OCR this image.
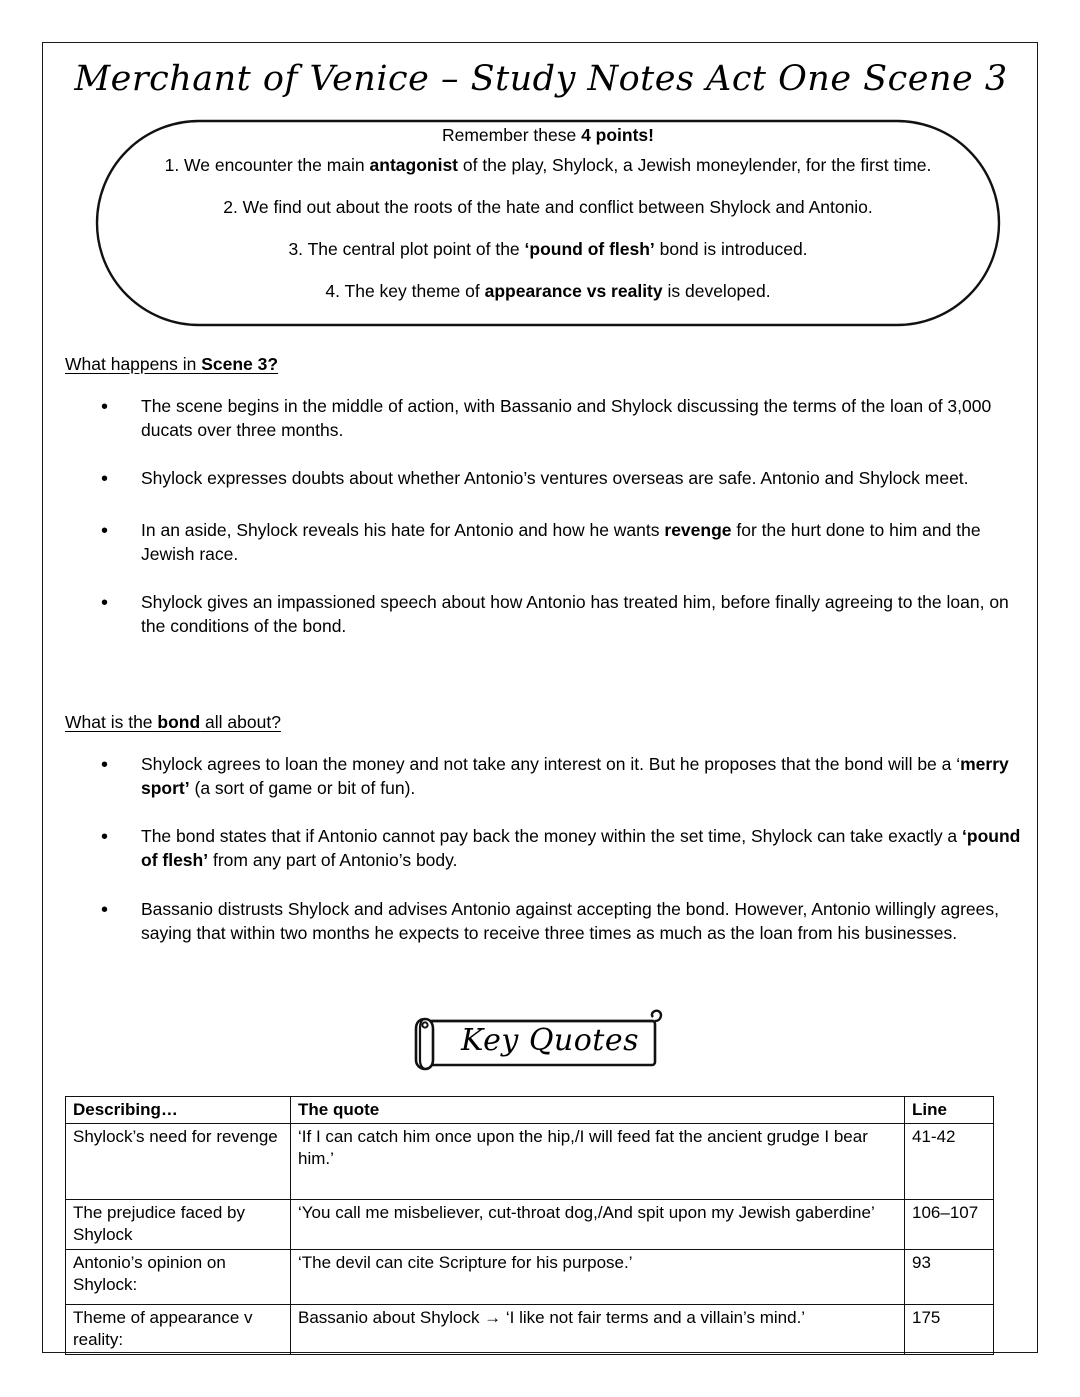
Merchant of Venice – Study Notes Act One Scene 3
Remember these 4 points!
1. We encounter the main antagonist of the play, Shylock, a Jewish moneylender, for the first time.
2. We find out about the roots of the hate and conflict between Shylock and Antonio.
3. The central plot point of the ‘pound of flesh’ bond is introduced.
4. The key theme of appearance vs reality is developed.
What happens in Scene 3?
•	The scene begins in the middle of action, with Bassanio and Shylock discussing the terms of the loan of 3,000 ducats over three months.
•	Shylock expresses doubts about whether Antonio’s ventures overseas are safe. Antonio and Shylock meet.
•	In an aside, Shylock reveals his hate for Antonio and how he wants revenge for the hurt done to him and the Jewish race.
•	Shylock gives an impassioned speech about how Antonio has treated him, before finally agreeing to the loan, on the conditions of the bond.
What is the bond all about?
•	Shylock agrees to loan the money and not take any interest on it. But he proposes that the bond will be a ‘merry sport’ (a sort of game or bit of fun).
•	The bond states that if Antonio cannot pay back the money within the set time, Shylock can take exactly a ‘pound of flesh’ from any part of Antonio’s body.
•	Bassanio distrusts Shylock and advises Antonio against accepting the bond. However, Antonio willingly agrees, saying that within two months he expects to receive three times as much as the loan from his businesses.
Key Quotes
Describing…	The quote	Line
Shylock’s need for revenge	‘If I can catch him once upon the hip,/I will feed fat the ancient grudge I bear him.’	41-42
The prejudice faced by Shylock	‘You call me misbeliever, cut-throat dog,/And spit upon my Jewish gaberdine’	106–107
Antonio’s opinion on Shylock:	‘The devil can cite Scripture for his purpose.’	93
Theme of appearance v reality:	Bassanio about Shylock → ‘I like not fair terms and a villain’s mind.’	175
